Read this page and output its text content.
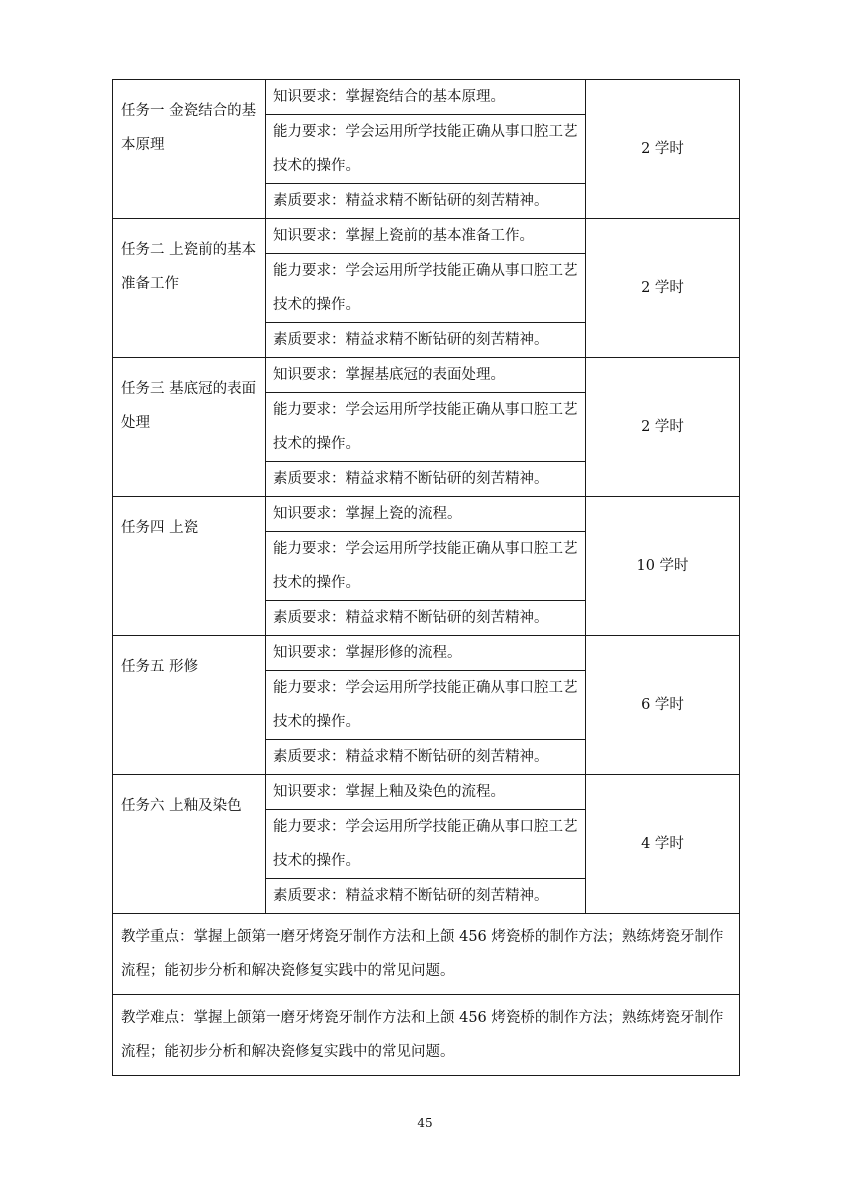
任务一 金瓷结合的基本原理	知识要求：掌握瓷结合的基本原理。	2 学时
	能力要求：学会运用所学技能正确从事口腔工艺技术的操作。	
	素质要求：精益求精不断钻研的刻苦精神。	
任务二 上瓷前的基本准备工作	知识要求：掌握上瓷前的基本准备工作。	2 学时
	能力要求：学会运用所学技能正确从事口腔工艺技术的操作。	
	素质要求：精益求精不断钻研的刻苦精神。	
任务三 基底冠的表面处理	知识要求：掌握基底冠的表面处理。	2 学时
	能力要求：学会运用所学技能正确从事口腔工艺技术的操作。	
	素质要求：精益求精不断钻研的刻苦精神。	
任务四 上瓷	知识要求：掌握上瓷的流程。	10 学时
	能力要求：学会运用所学技能正确从事口腔工艺技术的操作。	
	素质要求：精益求精不断钻研的刻苦精神。	
任务五 形修	知识要求：掌握形修的流程。	6 学时
	能力要求：学会运用所学技能正确从事口腔工艺技术的操作。	
	素质要求：精益求精不断钻研的刻苦精神。	
任务六 上釉及染色	知识要求：掌握上釉及染色的流程。	4 学时
	能力要求：学会运用所学技能正确从事口腔工艺技术的操作。	
	素质要求：精益求精不断钻研的刻苦精神。	
教学重点：掌握上颌第一磨牙烤瓷牙制作方法和上颌 456 烤瓷桥的制作方法；熟练烤瓷牙制作流程；能初步分析和解决瓷修复实践中的常见问题。		
教学难点：掌握上颌第一磨牙烤瓷牙制作方法和上颌 456 烤瓷桥的制作方法；熟练烤瓷牙制作流程；能初步分析和解决瓷修复实践中的常见问题。		
45
